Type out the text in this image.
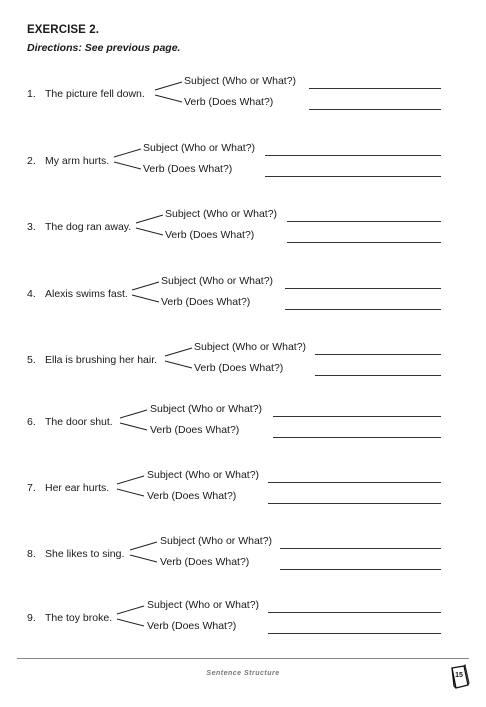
EXERCISE 2.
Directions: See previous page.
1. The picture fell down.
Subject (Who or What?)
Verb (Does What?)
2. My arm hurts.
Subject (Who or What?)
Verb (Does What?)
3. The dog ran away.
Subject (Who or What?)
Verb (Does What?)
4. Alexis swims fast.
Subject (Who or What?)
Verb (Does What?)
5. Ella is brushing her hair.
Subject (Who or What?)
Verb (Does What?)
6. The door shut.
Subject (Who or What?)
Verb (Does What?)
7. Her ear hurts.
Subject (Who or What?)
Verb (Does What?)
8. She likes to sing.
Subject (Who or What?)
Verb (Does What?)
9. The toy broke.
Subject (Who or What?)
Verb (Does What?)
Sentence Structure	15
